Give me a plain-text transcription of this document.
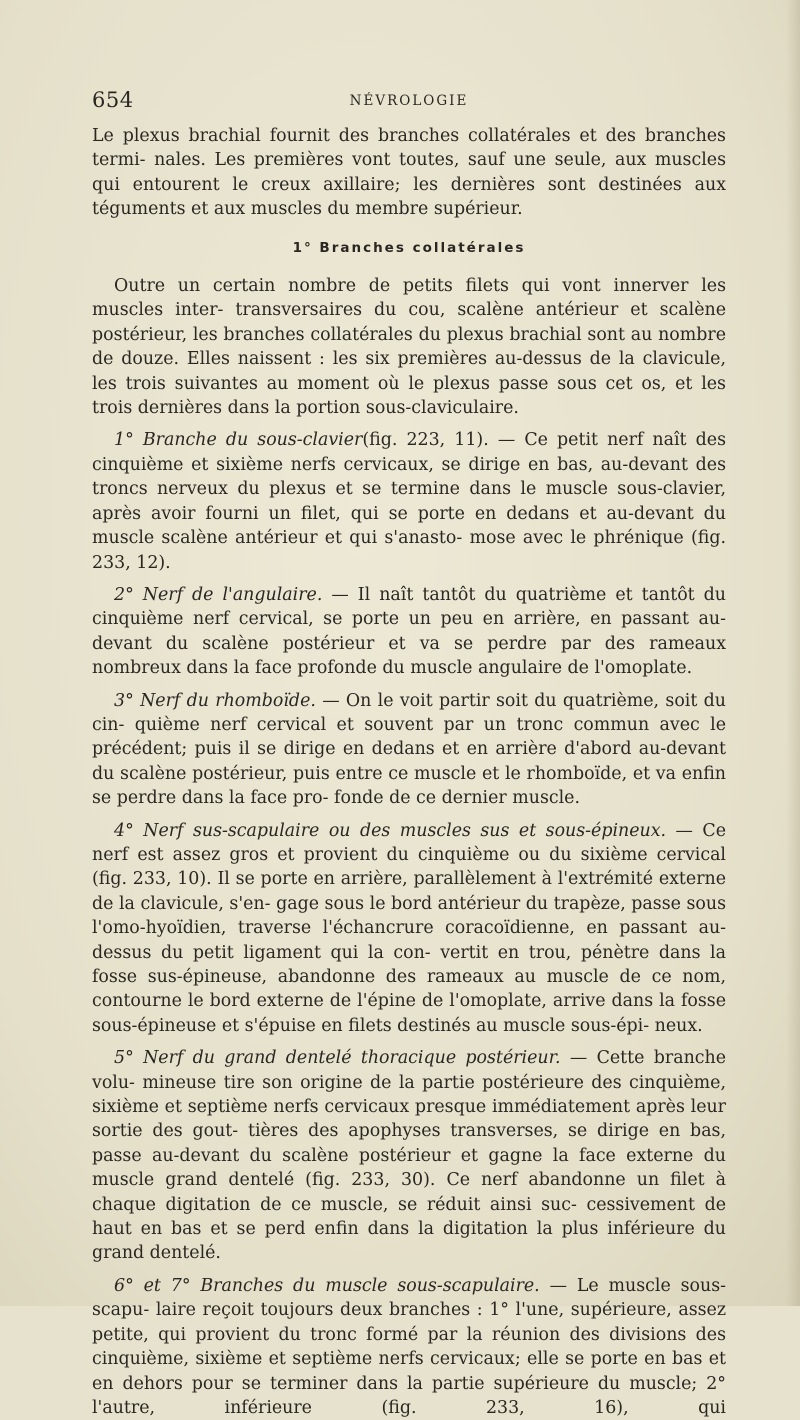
654	NÉVROLOGIE

Le plexus brachial fournit des branches collatérales et des branches termi- nales. Les premières vont toutes, sauf une seule, aux muscles qui entourent le creux axillaire; les dernières sont destinées aux téguments et aux muscles du membre supérieur.

1° Branches collatérales

Outre un certain nombre de petits filets qui vont innerver les muscles inter- transversaires du cou, scalène antérieur et scalène postérieur, les branches collatérales du plexus brachial sont au nombre de douze. Elles naissent : les six premières au-dessus de la clavicule, les trois suivantes au moment où le plexus passe sous cet os, et les trois dernières dans la portion sous-claviculaire.

1° Branche du sous-clavier(fig. 223, 11). — Ce petit nerf naît des cinquième et sixième nerfs cervicaux, se dirige en bas, au-devant des troncs nerveux du plexus et se termine dans le muscle sous-clavier, après avoir fourni un filet, qui se porte en dedans et au-devant du muscle scalène antérieur et qui s'anasto- mose avec le phrénique (fig. 233, 12).

2° Nerf de l'angulaire. — Il naît tantôt du quatrième et tantôt du cinquième nerf cervical, se porte un peu en arrière, en passant au-devant du scalène postérieur et va se perdre par des rameaux nombreux dans la face profonde du muscle angulaire de l'omoplate.

3° Nerf du rhomboïde. — On le voit partir soit du quatrième, soit du cin- quième nerf cervical et souvent par un tronc commun avec le précédent; puis il se dirige en dedans et en arrière d'abord au-devant du scalène postérieur, puis entre ce muscle et le rhomboïde, et va enfin se perdre dans la face pro- fonde de ce dernier muscle.

4° Nerf sus-scapulaire ou des muscles sus et sous-épineux. — Ce nerf est assez gros et provient du cinquième ou du sixième cervical (fig. 233, 10). Il se porte en arrière, parallèlement à l'extrémité externe de la clavicule, s'en- gage sous le bord antérieur du trapèze, passe sous l'omo-hyoïdien, traverse l'échancrure coracoïdienne, en passant au-dessus du petit ligament qui la con- vertit en trou, pénètre dans la fosse sus-épineuse, abandonne des rameaux au muscle de ce nom, contourne le bord externe de l'épine de l'omoplate, arrive dans la fosse sous-épineuse et s'épuise en filets destinés au muscle sous-épi- neux.

5° Nerf du grand dentelé thoracique postérieur. — Cette branche volu- mineuse tire son origine de la partie postérieure des cinquième, sixième et septième nerfs cervicaux presque immédiatement après leur sortie des gout- tières des apophyses transverses, se dirige en bas, passe au-devant du scalène postérieur et gagne la face externe du muscle grand dentelé (fig. 233, 30). Ce nerf abandonne un filet à chaque digitation de ce muscle, se réduit ainsi suc- cessivement de haut en bas et se perd enfin dans la digitation la plus inférieure du grand dentelé.

6° et 7° Branches du muscle sous-scapulaire. — Le muscle sous-scapu- laire reçoit toujours deux branches : 1° l'une, supérieure, assez petite, qui provient du tronc formé par la réunion des divisions des cinquième, sixième et septième nerfs cervicaux; elle se porte en bas et en dehors pour se terminer dans la partie supérieure du muscle; 2° l'autre, inférieure (fig. 233, 16), qui
